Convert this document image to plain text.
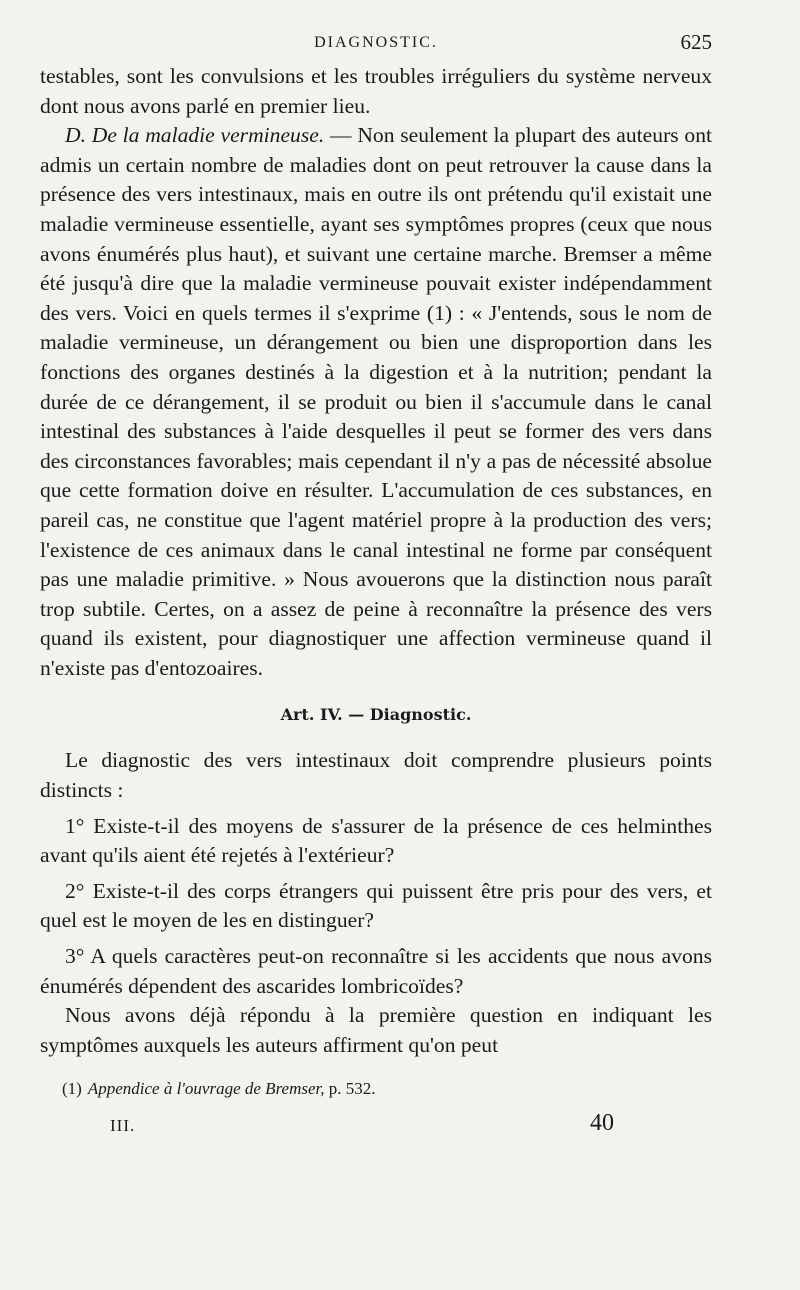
DIAGNOSTIC.	625

testables, sont les convulsions et les troubles irréguliers du système nerveux dont nous avons parlé en premier lieu.

D. De la maladie vermineuse. — Non seulement la plupart des auteurs ont admis un certain nombre de maladies dont on peut retrouver la cause dans la présence des vers intestinaux, mais en outre ils ont prétendu qu'il existait une maladie vermineuse essentielle, ayant ses symptômes propres (ceux que nous avons énumérés plus haut), et suivant une certaine marche. Bremser a même été jusqu'à dire que la maladie vermineuse pouvait exister indépendamment des vers. Voici en quels termes il s'exprime (1) : « J'entends, sous le nom de maladie vermineuse, un dérangement ou bien une disproportion dans les fonctions des organes destinés à la digestion et à la nutrition; pendant la durée de ce dérangement, il se produit ou bien il s'accumule dans le canal intestinal des substances à l'aide desquelles il peut se former des vers dans des circonstances favorables; mais cependant il n'y a pas de nécessité absolue que cette formation doive en résulter. L'accumulation de ces substances, en pareil cas, ne constitue que l'agent matériel propre à la production des vers; l'existence de ces animaux dans le canal intestinal ne forme par conséquent pas une maladie primitive. » Nous avouerons que la distinction nous paraît trop subtile. Certes, on a assez de peine à reconnaître la présence des vers quand ils existent, pour diagnostiquer une affection vermineuse quand il n'existe pas d'entozoaires.

Art. IV. — Diagnostic.

Le diagnostic des vers intestinaux doit comprendre plusieurs points distincts :

1° Existe-t-il des moyens de s'assurer de la présence de ces helminthes avant qu'ils aient été rejetés à l'extérieur?

2° Existe-t-il des corps étrangers qui puissent être pris pour des vers, et quel est le moyen de les en distinguer?

3° A quels caractères peut-on reconnaître si les accidents que nous avons énumérés dépendent des ascarides lombricoïdes?

Nous avons déjà répondu à la première question en indiquant les symptômes auxquels les auteurs affirment qu'on peut

(1) Appendice à l'ouvrage de Bremser, p. 532.
III.	40
